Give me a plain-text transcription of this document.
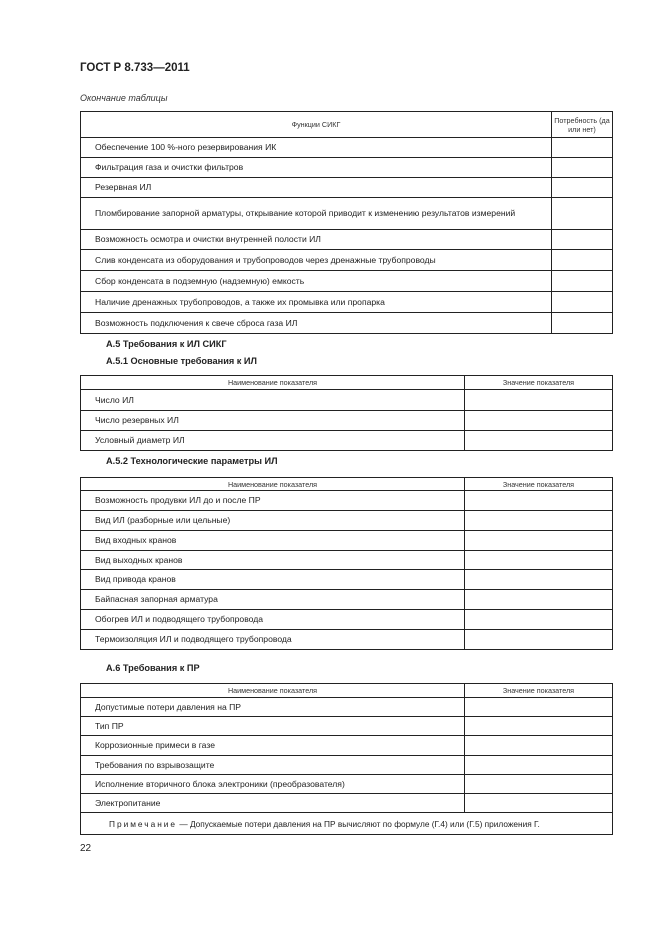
ГОСТ Р 8.733—2011
Окончание таблицы
Функции СИКГ	Потребность (да или нет)
Обеспечение 100 %-ного резервирования ИК	
Фильтрация газа и очистки фильтров	
Резервная ИЛ	
Пломбирование запорной арматуры, открывание которой приводит к изменению результатов измерений	
Возможность осмотра и очистки внутренней полости ИЛ	
Слив конденсата из оборудования и трубопроводов через дренажные трубопроводы	
Сбор конденсата в подземную (надземную) емкость	
Наличие дренажных трубопроводов, а также их промывка или пропарка	
Возможность подключения к свече сброса газа ИЛ	
А.5 Требования к ИЛ СИКГ
А.5.1 Основные требования к ИЛ
Наименование показателя	Значение показателя
Число ИЛ	
Число резервных ИЛ	
Условный диаметр ИЛ	
А.5.2 Технологические параметры ИЛ
Наименование показателя	Значение показателя
Возможность продувки ИЛ до и после ПР	
Вид ИЛ (разборные или цельные)	
Вид входных кранов	
Вид выходных кранов	
Вид привода кранов	
Байпасная запорная арматура	
Обогрев ИЛ и подводящего трубопровода	
Термоизоляция ИЛ и подводящего трубопровода	
А.6 Требования к ПР
Наименование показателя	Значение показателя
Допустимые потери давления на ПР	
Тип ПР	
Коррозионные примеси в газе	
Требования по взрывозащите	
Исполнение вторичного блока электроники (преобразователя)	
Электропитание	
Примечание — Допускаемые потери давления на ПР вычисляют по формуле (Г.4) или (Г.5) приложения Г.	
22
